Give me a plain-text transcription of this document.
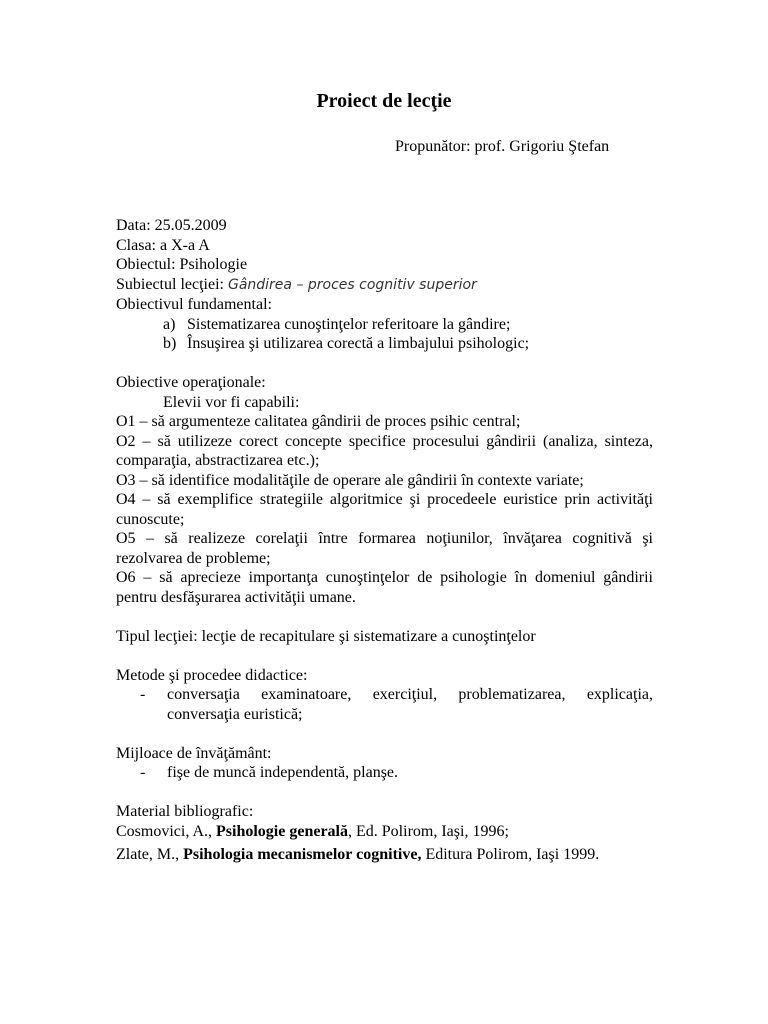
Proiect de lecţie
Propunător: prof. Grigoriu Ştefan
Data: 25.05.2009
Clasa: a X-a A
Obiectul: Psihologie
Subiectul lecţiei: Gândirea – proces cognitiv superior
Obiectivul fundamental:
a) Sistematizarea cunoştinţelor referitoare la gândire;
b) Însuşirea şi utilizarea corectă a limbajului psihologic;
Obiective operaţionale:
Elevii vor fi capabili:
O1 – să argumenteze calitatea gândirii de proces psihic central;
O2 – să utilizeze corect concepte specifice procesului gândirii (analiza, sinteza, comparaţia, abstractizarea etc.);
O3 – să identifice modalităţile de operare ale gândirii în contexte variate;
O4 – să exemplifice strategiile algoritmice şi procedeele euristice prin activităţi cunoscute;
O5 – să realizeze corelaţii între formarea noţiunilor, învăţarea cognitivă şi rezolvarea de probleme;
O6 – să aprecieze importanţa cunoştinţelor de psihologie în domeniul gândirii pentru desfăşurarea activităţii umane.
Tipul lecţiei: lecţie de recapitulare şi sistematizare a cunoştinţelor
Metode şi procedee didactice:
-	conversaţia examinatoare, exerciţiul, problematizarea, explicaţia, conversaţia euristică;
Mijloace de învăţământ:
-	fişe de muncă independentă, planşe.
Material bibliografic:
Cosmovici, A., Psihologie generală, Ed. Polirom, Iaşi, 1996;
Zlate, M., Psihologia mecanismelor cognitive, Editura Polirom, Iaşi 1999.
